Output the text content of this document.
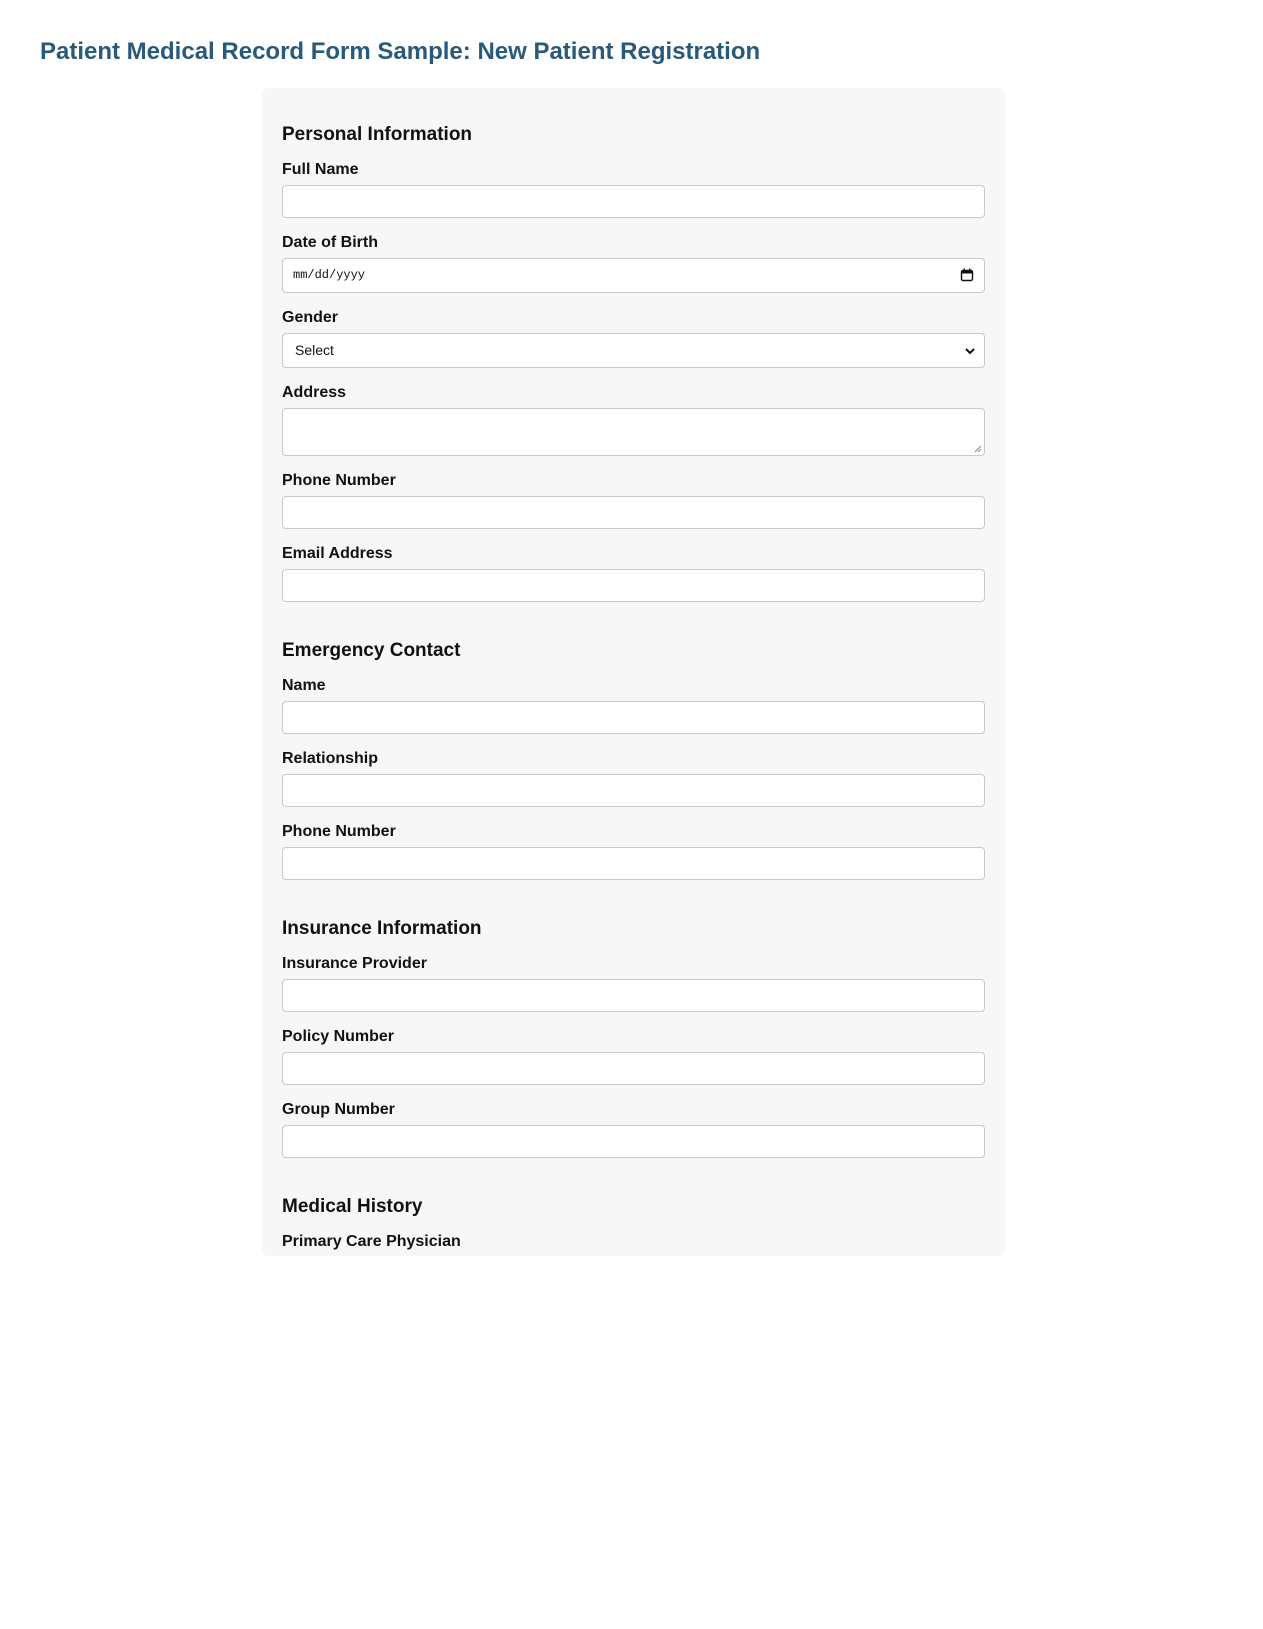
Patient Medical Record Form Sample: New Patient Registration
Personal Information
Full Name
Date of Birth
mm/dd/yyyy
Gender
Select
Address
Phone Number
Email Address
Emergency Contact
Name
Relationship
Phone Number
Insurance Information
Insurance Provider
Policy Number
Group Number
Medical History
Primary Care Physician
